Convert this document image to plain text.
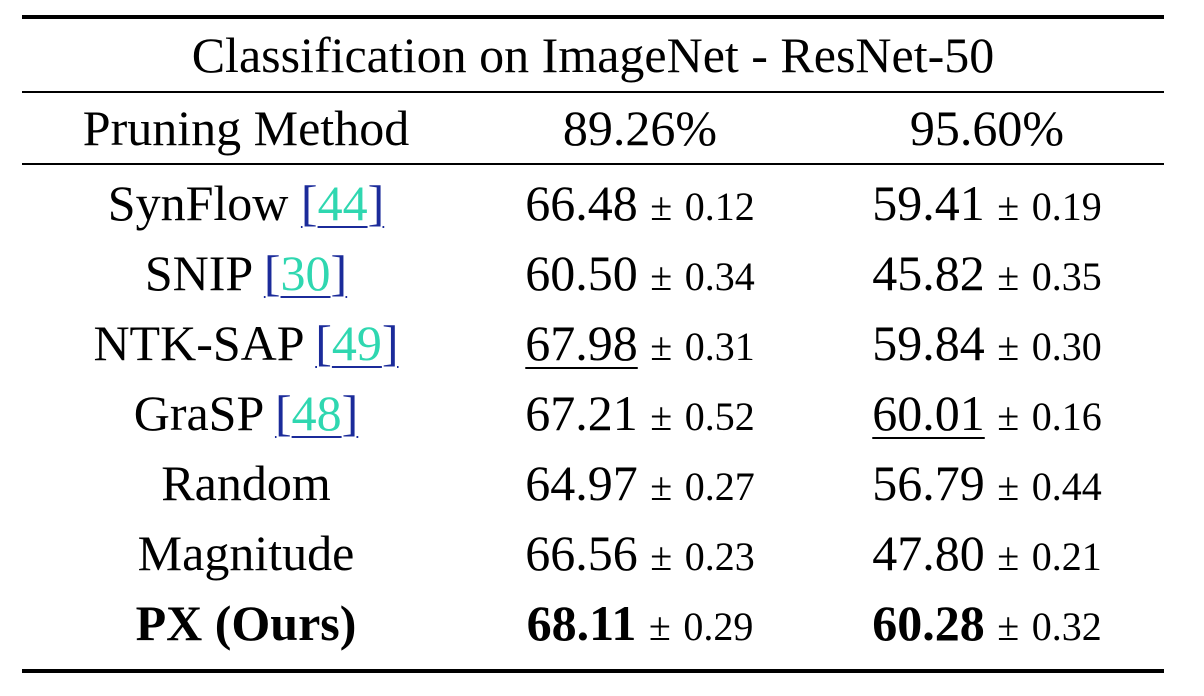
Classification on ImageNet - ResNet-50
Pruning Method	89.26%	95.60%
SynFlow [44]	66.48 ± 0.12	59.41 ± 0.19
SNIP [30]	60.50 ± 0.34	45.82 ± 0.35
NTK-SAP [49]	67.98 ± 0.31	59.84 ± 0.30
GraSP [48]	67.21 ± 0.52	60.01 ± 0.16
Random	64.97 ± 0.27	56.79 ± 0.44
Magnitude	66.56 ± 0.23	47.80 ± 0.21
PX (Ours)	68.11 ± 0.29	60.28 ± 0.32
